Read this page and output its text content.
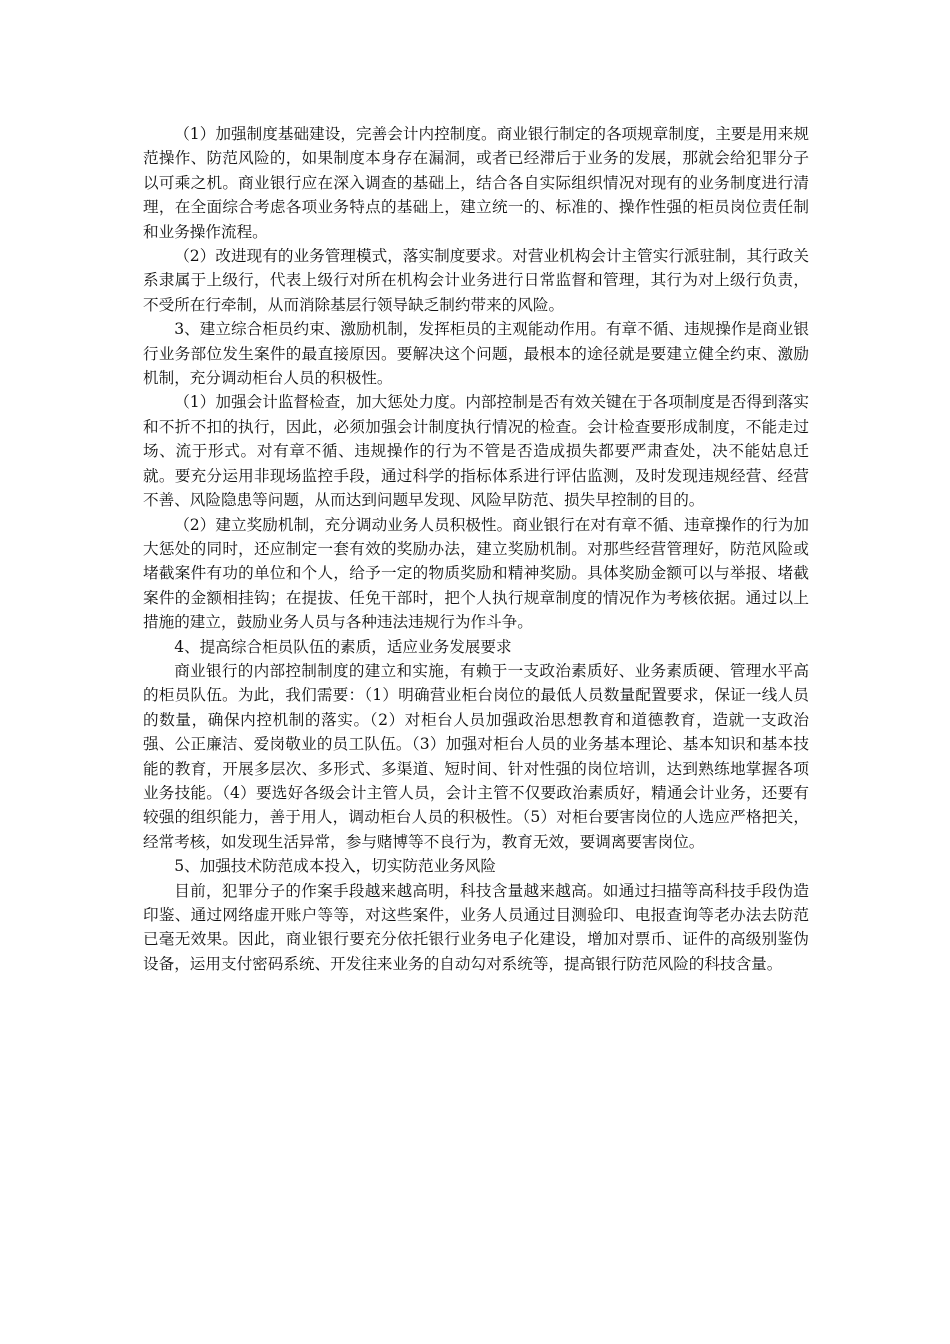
（1）加强制度基础建设，完善会计内控制度。商业银行制定的各项规章制度，主要是用来规范操作、防范风险的，如果制度本身存在漏洞，或者已经滞后于业务的发展，那就会给犯罪分子以可乘之机。商业银行应在深入调查的基础上，结合各自实际组织情况对现有的业务制度进行清理，在全面综合考虑各项业务特点的基础上，建立统一的、标准的、操作性强的柜员岗位责任制和业务操作流程。

（2）改进现有的业务管理模式，落实制度要求。对营业机构会计主管实行派驻制，其行政关系隶属于上级行，代表上级行对所在机构会计业务进行日常监督和管理，其行为对上级行负责，不受所在行牵制，从而消除基层行领导缺乏制约带来的风险。

3、建立综合柜员约束、激励机制，发挥柜员的主观能动作用。有章不循、违规操作是商业银行业务部位发生案件的最直接原因。要解决这个问题，最根本的途径就是要建立健全约束、激励机制，充分调动柜台人员的积极性。

（1）加强会计监督检查，加大惩处力度。内部控制是否有效关键在于各项制度是否得到落实和不折不扣的执行，因此，必须加强会计制度执行情况的检查。会计检查要形成制度，不能走过场、流于形式。对有章不循、违规操作的行为不管是否造成损失都要严肃查处，决不能姑息迁就。要充分运用非现场监控手段，通过科学的指标体系进行评估监测，及时发现违规经营、经营不善、风险隐患等问题，从而达到问题早发现、风险早防范、损失早控制的目的。

（2）建立奖励机制，充分调动业务人员积极性。商业银行在对有章不循、违章操作的行为加大惩处的同时，还应制定一套有效的奖励办法，建立奖励机制。对那些经营管理好，防范风险或堵截案件有功的单位和个人，给予一定的物质奖励和精神奖励。具体奖励金额可以与举报、堵截案件的金额相挂钩；在提拔、任免干部时，把个人执行规章制度的情况作为考核依据。通过以上措施的建立，鼓励业务人员与各种违法违规行为作斗争。

4、提高综合柜员队伍的素质，适应业务发展要求

商业银行的内部控制制度的建立和实施，有赖于一支政治素质好、业务素质硬、管理水平高的柜员队伍。为此，我们需要：（1）明确营业柜台岗位的最低人员数量配置要求，保证一线人员的数量，确保内控机制的落实。（2）对柜台人员加强政治思想教育和道德教育，造就一支政治强、公正廉洁、爱岗敬业的员工队伍。（3）加强对柜台人员的业务基本理论、基本知识和基本技能的教育，开展多层次、多形式、多渠道、短时间、针对性强的岗位培训，达到熟练地掌握各项业务技能。（4）要选好各级会计主管人员，会计主管不仅要政治素质好，精通会计业务，还要有较强的组织能力，善于用人，调动柜台人员的积极性。（5）对柜台要害岗位的人选应严格把关，经常考核，如发现生活异常，参与赌博等不良行为，教育无效，要调离要害岗位。

5、加强技术防范成本投入，切实防范业务风险

目前，犯罪分子的作案手段越来越高明，科技含量越来越高。如通过扫描等高科技手段伪造印鉴、通过网络虚开账户等等，对这些案件，业务人员通过目测验印、电报查询等老办法去防范已毫无效果。因此，商业银行要充分依托银行业务电子化建设，增加对票币、证件的高级别鉴伪设备，运用支付密码系统、开发往来业务的自动勾对系统等，提高银行防范风险的科技含量。
